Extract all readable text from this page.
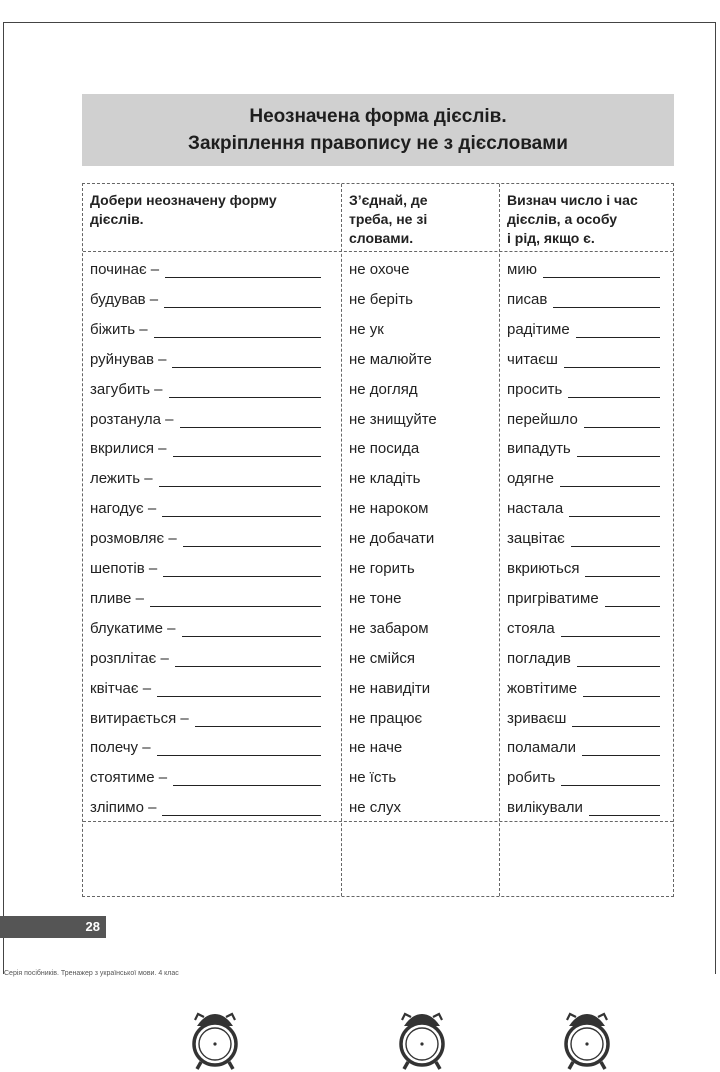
Неозначена форма дієслів.
Закріплення правопису не з дієсловами
Добери неозначену форму
дієслів.
З’єднай, де
треба, не зі
словами.
Визнач число і час
дієслів, а особу
і рід, якщо є.
починає –
будував –
біжить –
руйнував –
загубить –
розтанула –
вкрилися –
лежить –
нагодує –
розмовляє –
шепотів –
пливе –
блукатиме –
розплітає –
квітчає –
витирається –
полечу –
стоятиме –
зліпимо –
не охоче
не беріть
не ук
не малюйте
не догляд
не знищуйте
не посида
не кладіть
не нароком
не добачати
не горить
не тоне
не забаром
не смійся
не навидіти
не працює
не наче
не їсть
не слух
мию
писав
радітиме
читаєш
просить
перейшло
випадуть
одягне
настала
зацвітає
вкриються
пригріватиме
стояла
погладив
жовтітиме
зриваєш
поламали
робить
вилікували
28
Серія посібників. Тренажер з української мови. 4 клас
